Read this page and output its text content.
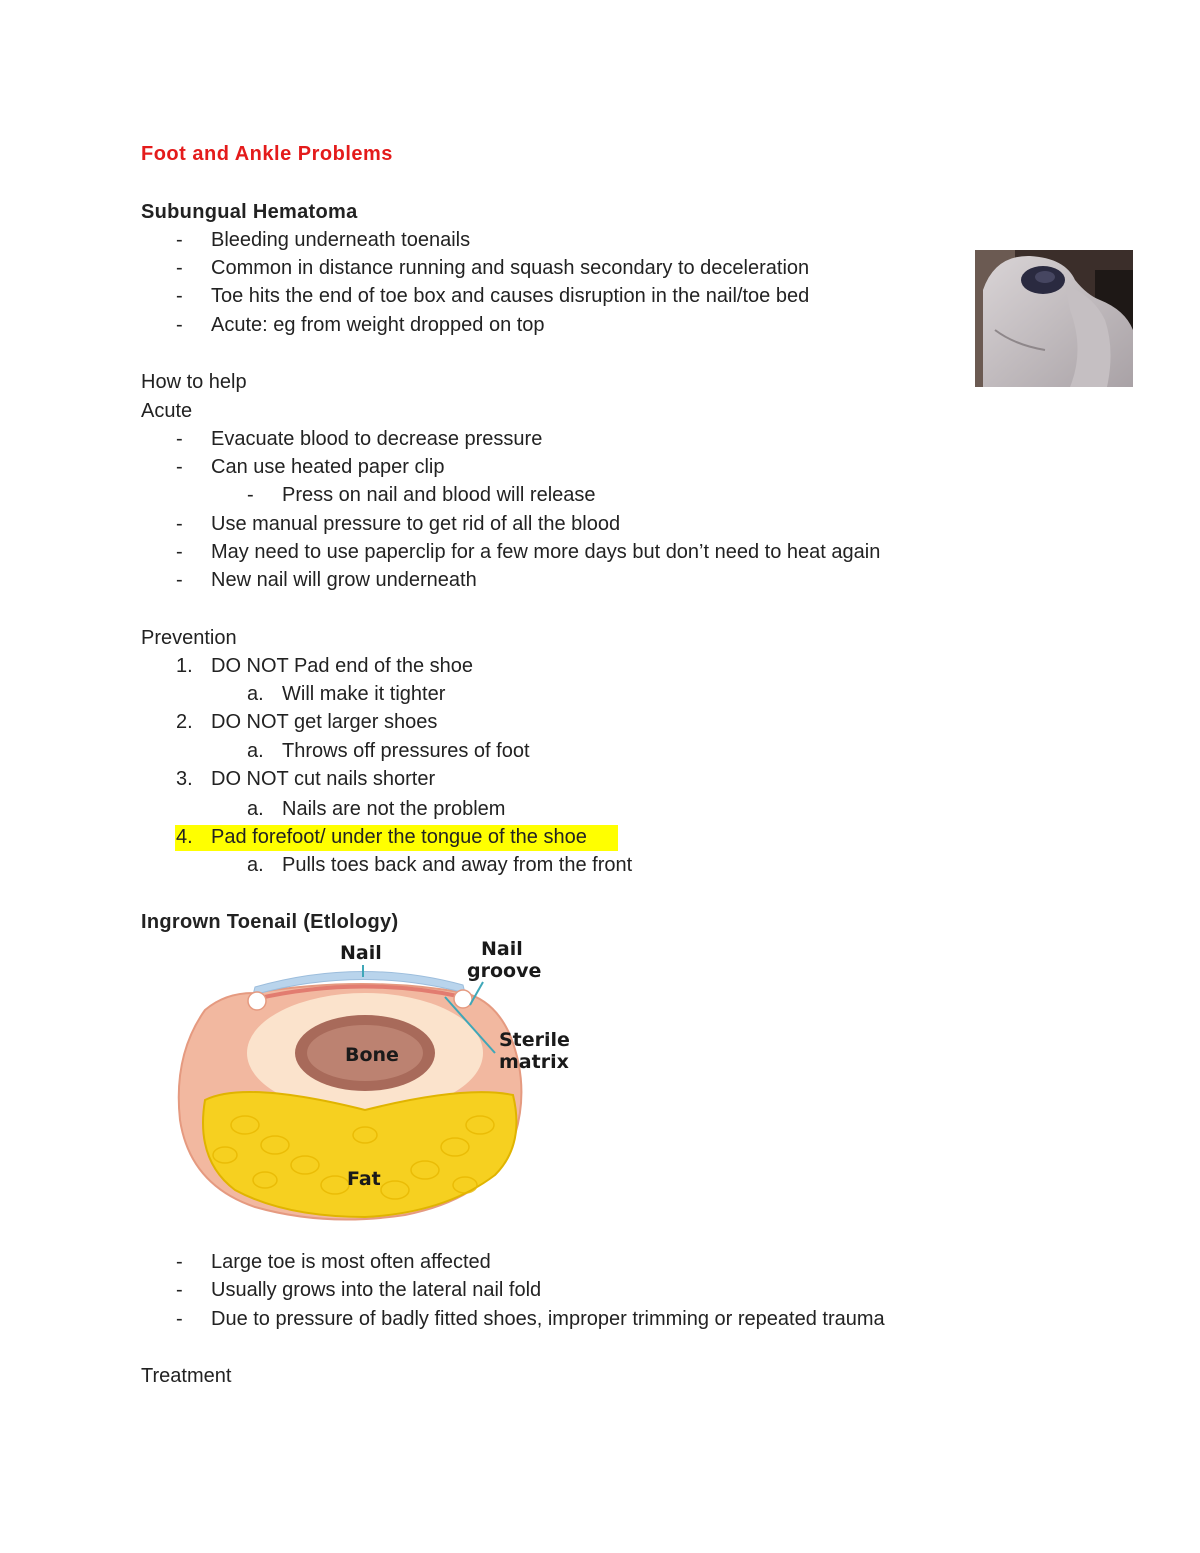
Foot and Ankle Problems
Subungual Hematoma
- Bleeding underneath toenails
- Common in distance running and squash secondary to deceleration
- Toe hits the end of toe box and causes disruption in the nail/toe bed
- Acute: eg from weight dropped on top
How to help
Acute
- Evacuate blood to decrease pressure
- Can use heated paper clip
- Press on nail and blood will release
- Use manual pressure to get rid of all the blood
- May need to use paperclip for a few more days but don’t need to heat again
- New nail will grow underneath
Prevention
1. DO NOT Pad end of the shoe
a. Will make it tighter
2. DO NOT get larger shoes
a. Throws off pressures of foot
3. DO NOT cut nails shorter
a. Nails are not the problem
4. Pad forefoot/ under the tongue of the shoe
a. Pulls toes back and away from the front
Ingrown Toenail (Etlology)
Nail	Nail
groove
Sterile
matrix
Bone
Fat
- Large toe is most often affected
- Usually grows into the lateral nail fold
- Due to pressure of badly fitted shoes, improper trimming or repeated trauma
Treatment
